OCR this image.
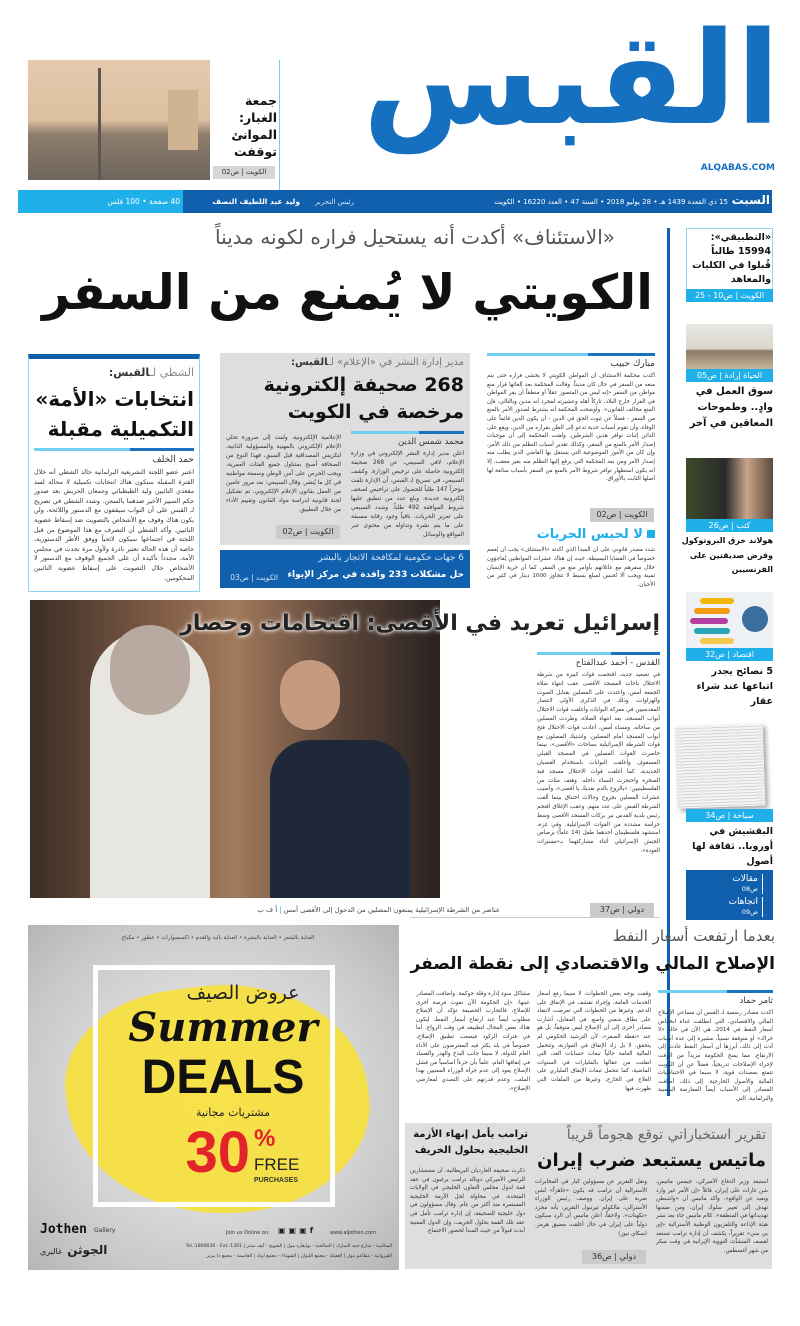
جمعة الغبار: الموانئ توقفت
الكويت | ص02
القبس
ALQABAS.COM
40 صفحة • 100 فلس	وليد عبد اللطيف النصف	رئيس التحرير	15 ذي القعدة 1439 هـ • 28 يوليو 2018 • السنة 47 • العدد 16220 • الكويت السبت
«الاستئناف» أكدت أنه يستحيل فراره لكونه مديناً
الكويتي لا يُمنع من السفر
الشطي لـالقبس:
انتخابات «الأمة» التكميلية مقبلة
حمد الخلف
اعتبر عضو اللجنة التشريعية البرلمانية خالد الشطي أنه خلال الفترة المقبلة ستكون هناك انتخابات تكميلية لا محالة لسد مقعدي النائبين وليد الطبطبائي وجمعان الحربش بعد صدور حكم التمييز الأخير ضدهما بالسجن. وشدد الشطي في تصريح لـ القبس على أن النواب سيقفون مع الدستور واللائحة، ولن يكون هناك وقوف مع الأشخاص بالتصويت ضد إسقاط عضوية النائبين. وأكد الشطي أن التصرف مع هذا الموضوع من قبل اللجنة في اجتماعها سيكون لائحياً ووفق الأطر الدستورية، خاصة أن هذه الحالة تعتبر نادرة ولأول مرة تحدث في مجلس الأمة، مجدداً تأكيده أن على الجميع الوقوف مع الدستور لا الأشخاص خلال التصويت على إسقاط عضوية النائبين المحكومين.
مدير إدارة النشر في «الإعلام» لـالقبس:
268 صحيفة إلكترونية مرخصة في الكويت
محمد شمس الدين
أعلن مدير إدارة النشر الإلكتروني في وزارة الإعلام، لافي السبيعي، عن 268 صحيفة إلكترونية حاصلة على ترخيص الوزارة. وكشف السبيعي، في تصريح لـ القبس، أن الإدارة تلقت مؤخراً 147 طلباً للحصول على تراخيص لصحف إلكترونية جديدة، وبلغ عدد من تنطبق عليها شروط الموافقة 492 طلباً. وشدد السبيعي على تعزيز الحريات، نافياً وجود رقابة مسبقة على ما يتم نشره وتداوله من محتوى عبر المواقع والوسائل
الإعلامية الإلكترونية. ولفت إلى ضرورة تحلي الإعلام الإلكتروني بالمهنية والمسؤولية الذاتية، لتكريس المصداقية قبل السبق، فهذا النوع من الصحافة أصبح بمتناول جميع الفئات العمرية، ويجب الحرص على أمن الوطن وسمعة مواطنيه في كل ما يُنشر. وقال السبيعي: بعد مرور عامين من العمل بقانون الإعلام الإلكتروني، تم تشكيل لجنة قانونية لدراسة مواد القانون وتقييم الأداء من خلال التطبيق.
الكويت | ص02
6 جهات حكومية لمكافحة الاتجار بالبشر
حل مشكلات 233 وافدة في مركز الإيواء
الكويت | ص03
مبارك حبيب
أكدت محكمة الاستئناف أن المواطن الكويتي لا يخشى فراره حتى يتم منعه من السفر في حال كان مديناً. وقالت المحكمة بعد إلغائها قرار منع مواطن من السفر «إنه ليس من المتصور عقلاً أو منطقاً أن يفر المواطن في الفرار خارج البلاد، تاركاً أهله وعشيرته لمجرد أنه مدين وبالتالي، فإن المنع مخالف للقانون». وأوضحت المحكمة أنه يشترط لصدور الأمر بالمنع من السفر - فضلاً عن ثبوت الحق في الدين - أن يكون الدين قائماً على الوفاء، وأن تقوم أسباب جدية تدعو إلى الظن بفراره من الدين، ويقع على الدائن إثبات توافر هذين الشرطين. ولفتت المحكمة إلى أن موجبات إصدار الأمر بالمنع من السفر، وكذلك تقدير أسباب التظلم من ذلك الأمر، وإن كان من الأمور الموضوعية التي يستقل بها القاضي الذي يطلب منه إصدار الأمر ومن بعد المحكمة التي يرفع إليها التظلم منه بغير معقب، إلا أنه يكون استظهار توافر شروط الأمر بالمنع من السفر بأسباب سائغة لها أصلها الثابت بالأوراق.
الكويت | ص02
لا لحبس الحريات
شدد مصدر قانوني على أن المبدأ الذي أكدته «الاستئناف» يجب أن يُعمم خصوصاً في القضايا البسيطة، حيث إن هناك عشرات المواطنين يُفاجؤون خلال سفرهم مع عائلاتهم بأوامر منع من السفر، كما أن حرية الإنسان ثمينة ويجب ألا تُحبس لمبلغ بسيط لا تتجاوز 1000 دينار في كثير من الأحيان.
إسرائيل تعربد في الأقصى: اقتحامات وحصار
القدس - أحمد عبدالفتاح
في تصعيد جديد، اقتحمت قوات كبيرة من شرطة الاحتلال باحات المسجد الأقصى عقب انتهاء صلاة الجمعة أمس، واعتدت على المصلين بقنابل الصوت والهراوات، وذلك في الذكرى الأولى لانتصار المقدسيين في معركة البوابات وأغلقت قوات الاحتلال أبواب المسجد، بعد انتهاء الصلاة، وطردت المصلين من ساحاته. ومساء أمس، أعادت قوات الاحتلال فتح أبواب المسجد أمام المصلين. واشتبك المصلون مع قوات الشرطة الإسرائيلية بساحات «الأقصى»، بينما حاصرت القوات المصلين في المسجد القبلي المسقوف وأغلقت البوابات باستخدام القضبان الحديدية. كما أغلقت قوات الاحتلال مسجد قبة الصخرة واحتجزت النساء داخله. وهتف مئات من الفلسطينيين: «بالروح بالدم نفديك يا أقصى»، وأصيب عشرات المصلين بجروح وحالات اختناق بينما ألقت الشرطة القبض على عدد منهم. وعقب الإغلاق اقتحم رئيس بلدية القدس نير بركات المسجد الأقصى وسط حراسة مشددة من القوات الإسرائيلية. وفي غزة، استشهد فلسطينيان أحدهما طفل (14 عاماً) برصاص الجيش الإسرائيلي أثناء مشاركتهما بـ«مسيرات العودة».
دولي | ص37
عناصر من الشرطة الإسرائيلية يمنعون المصلين من الدخول إلى الأقصى أمس | أ ف ب
بعدما ارتفعت أسعار النفط
الإصلاح المالي والاقتصادي إلى نقطة الصفر
ثامر حماد
أكدت مصادر رسمية لـ القبس أن مساعي الإصلاح المالي والاقتصادي، التي انطلقت غداة انخفاض أسعار النفط في 2014، هي الآن في حالة «لا حراك» أو متوقفة نسبياً، مشيرة إلى عدة أسباب أدت إلى ذلك، أبرزها أن أسعار النفط عادت إلى الارتفاع، مما يمنح الحكومة مزيداً من الوقت لإجراء الإصلاحات تدريجياً، فضلاً عن أن الكويت تتمتع بمصدات قوية، لا سيما في الاحتياطيات المالية والأصول الخارجية. إلى ذلك، أضافت المصادر إلى الأسباب أيضاً المعارضة الشعبية والبرلمانية، التي
وقفت بوجه بعض الخطوات، لا سيما رفع أسعار الخدمات العامة، وإجراء تقشف في الإنفاق على الدعم، وغيرها من الخطوات التي تعرضت لانتقاد على نطاق شعبي واسع. في المقابل، أشارت مصادر أخرى إلى أن الإصلاح ليس متوقفاً، بل هو عند «نقطة الصفر»، لأن الترشيد الحكومي لم يتحقق، لا بل زاد الإنفاق في الموازنة، وتتحمل المالية العامة حالياً تبعات حسابات الغد، التي انفلتت من عقالها بالمليارات في السنوات الماضية، كما تتحمل تبعات الإنفاق الملياري على العلاج في الخارج، وغيرها من الملفات التي ظهرت فيها
مشاكل سوء إدارة وقلة حوكمة. وأضافت المصادر عينها: «إن الحكومة الآن تفوت فرصة أخرى للإصلاح، فالتجارب الحصيفة تؤكد أن الإصلاح مطلوب أيضاً عند ارتفاع أسعار النفط، ليكون هناك بعض المجال لتطبيقه في وقت الرواج. أما في فترات الركود فيصعب تطبيق الإصلاح، خصوصاً في بلد يكثر فيه المعترضون على الأداء العام للدولة، لا سيما جانب البذخ والهدر والفساد في إنفاقها العام، علماً بأن جزءاً أساسياً من فشل الإصلاح يعود إلى عدم جرأة الوزراء المعنيين بهذا الملف، وعدم قدرتهم على التصدي لمعارضي الإصلاح».
تقرير استخباراتي توقع هجوماً قريباً
ماتيس يستبعد ضرب إيران
استبعد وزير الدفاع الأميركي، جيمس ماتيس، شن غارات على إيران، قائلاً «إن الأمر غير وارد وبعيد عن الواقع». وأكد ماتيس أن «واشنطن تهدف إلى تغيير سلوك إيران، ومن ضمنها تهديداتها في المنطقة». كلام ماتيس جاء بعد نشر هيئة الإذاعة والتلفزيون الوطنية الأسترالية «إي بي سي» تقريراً، يكشف أن إدارة ترامب تستعد لقصف المنشآت النووية الإيرانية في وقت مبكر من شهر أغسطس.
ونقل التقرير عن مسؤولين كبار في المخابرات الأسترالية أن ترامب قد يكون «جاهزاً» لشن ضربة على إيران. ووصف رئيس الوزراء الأسترالي، مالكولم تيرنبول التقرير، بأنه مجرد «تكهنات». ولاحقاً، أعلن ماتيس أن الرد سيكون دولياً على إيران في حال أغلقت مضيق هرمز. (سكاي نيوز)
دولي | ص36
ترامب يأمل إنهاء الأزمة الخليجية بحلول الخريف
ذكرت صحيفة الغارديان البريطانية، أن مستشارين للرئيس الأميركي دونالد ترامب يرغبون في عقد قمة لدول مجلس التعاون الخليجي في الولايات المتحدة، في محاولة لحل الأزمة الخليجية المستمرة منذ أكثر من عام. وقال مسؤولون في دول خليجية للصحيفة، إن إدارة ترامب تأمل في عقد تلك القمة بحلول الخريف، وإن الدول المعنية أبدت قبولاً من حيث المبدأ لحضور الاجتماع.
«التطبيقي»: 15994 طالباً قُبلوا في الكليات والمعاهد
الكويت | ص10 - 25
الحياة إرادة | ص05
سوق العمل في وادٍ.. وطموحات المعاقين في آخر
كتب | ص26
هولاند خرق البروتوكول وفرض صديقتين على الفرنسيين
اقتصاد | ص32
5 نصائح يجدر اتباعها عند شراء عقار
سياحة | ص34
البقشيش في أوروبا.. ثقافة لها أصول
مقالات
ص08
اتجاهات
ص09
العناية بالشعر • العناية بالبشرة • العناية باليد والقدم • اكسسوارات • عطور • مكياج
عروض الصيف
Summer
DEALS
مشتريات مجانية
30 %
FREE
PURCHASES
Jothen Gallery
الجوثن غاليري
Join us Online on: ▣▣▣f	www.aljothen.com
السالمية - شارع حمد المبارك | الصالحية - بوليفارد مول | الشويخ - آيف سنتر | Tel.:1800030 - Ext.:1301
القيروانية - مطاعم مول | العقيلة - مجمع اللبوان | الشهداء - مجمع أوتاد | العاصمة - مجمع ذا بيزنز
